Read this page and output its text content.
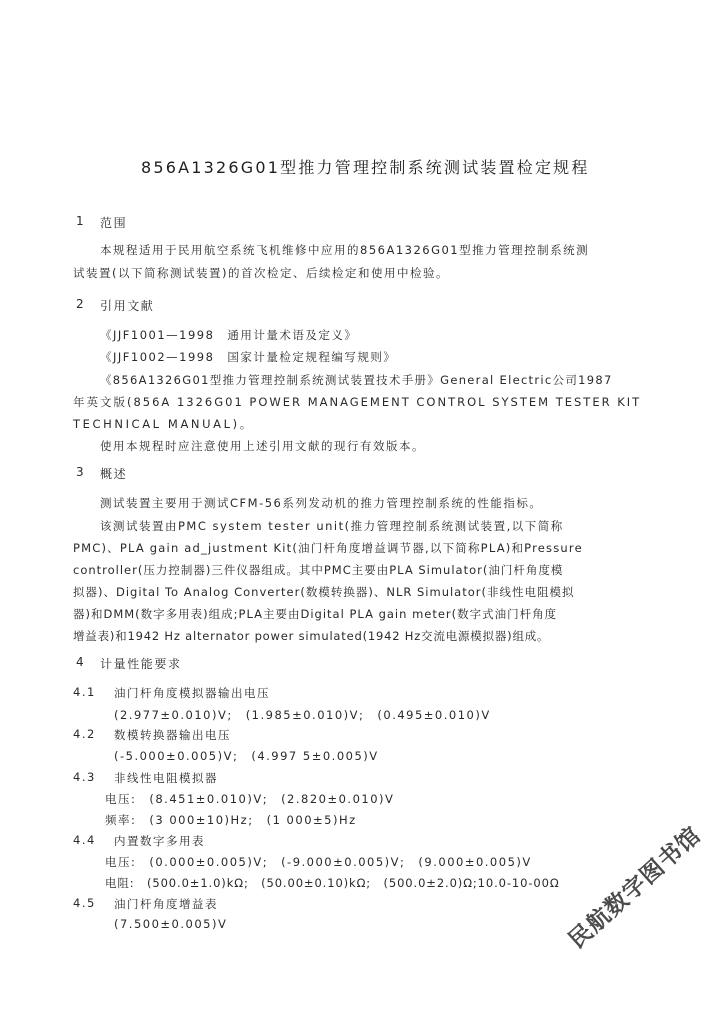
856A1326G01型推力管理控制系统测试装置检定规程
1 范围
本规程适用于民用航空系统飞机维修中应用的856A1326G01型推力管理控制系统测
试装置(以下简称测试装置)的首次检定、后续检定和使用中检验。
2 引用文献
《JJF1001—1998　通用计量术语及定义》
《JJF1002—1998　国家计量检定规程编写规则》
《856A1326G01型推力管理控制系统测试装置技术手册》General Electric公司1987
年英文版(856A 1326G01 POWER MANAGEMENT CONTROL SYSTEM TESTER KIT
TECHNICAL MANUAL)。
使用本规程时应注意使用上述引用文献的现行有效版本。
3 概述
测试装置主要用于测试CFM-56系列发动机的推力管理控制系统的性能指标。
该测试装置由PMC system tester unit(推力管理控制系统测试装置,以下简称
PMC)、PLA gain ad_justment Kit(油门杆角度增益调节器,以下简称PLA)和Pressure
controller(压力控制器)三件仪器组成。其中PMC主要由PLA Simulator(油门杆角度模
拟器)、Digital To Analog Converter(数模转换器)、NLR Simulator(非线性电阻模拟
器)和DMM(数字多用表)组成;PLA主要由Digital PLA gain meter(数字式油门杆角度
增益表)和1942 Hz alternator power simulated(1942 Hz交流电源模拟器)组成。
4 计量性能要求
4.1 油门杆角度模拟器输出电压
(2.977±0.010)V;　(1.985±0.010)V;　(0.495±0.010)V
4.2 数模转换器输出电压
(-5.000±0.005)V;　(4.997 5±0.005)V
4.3 非线性电阻模拟器
电压:　(8.451±0.010)V;　(2.820±0.010)V
频率:　(3 000±10)Hz;　(1 000±5)Hz
4.4 内置数字多用表
电压:　(0.000±0.005)V;　(-9.000±0.005)V;　(9.000±0.005)V
电阻:　(500.0±1.0)kΩ;　(50.00±0.10)kΩ;　(500.0±2.0)Ω;10.0-10-00Ω
4.5 油门杆角度增益表
(7.500±0.005)V	民航数字图书馆
